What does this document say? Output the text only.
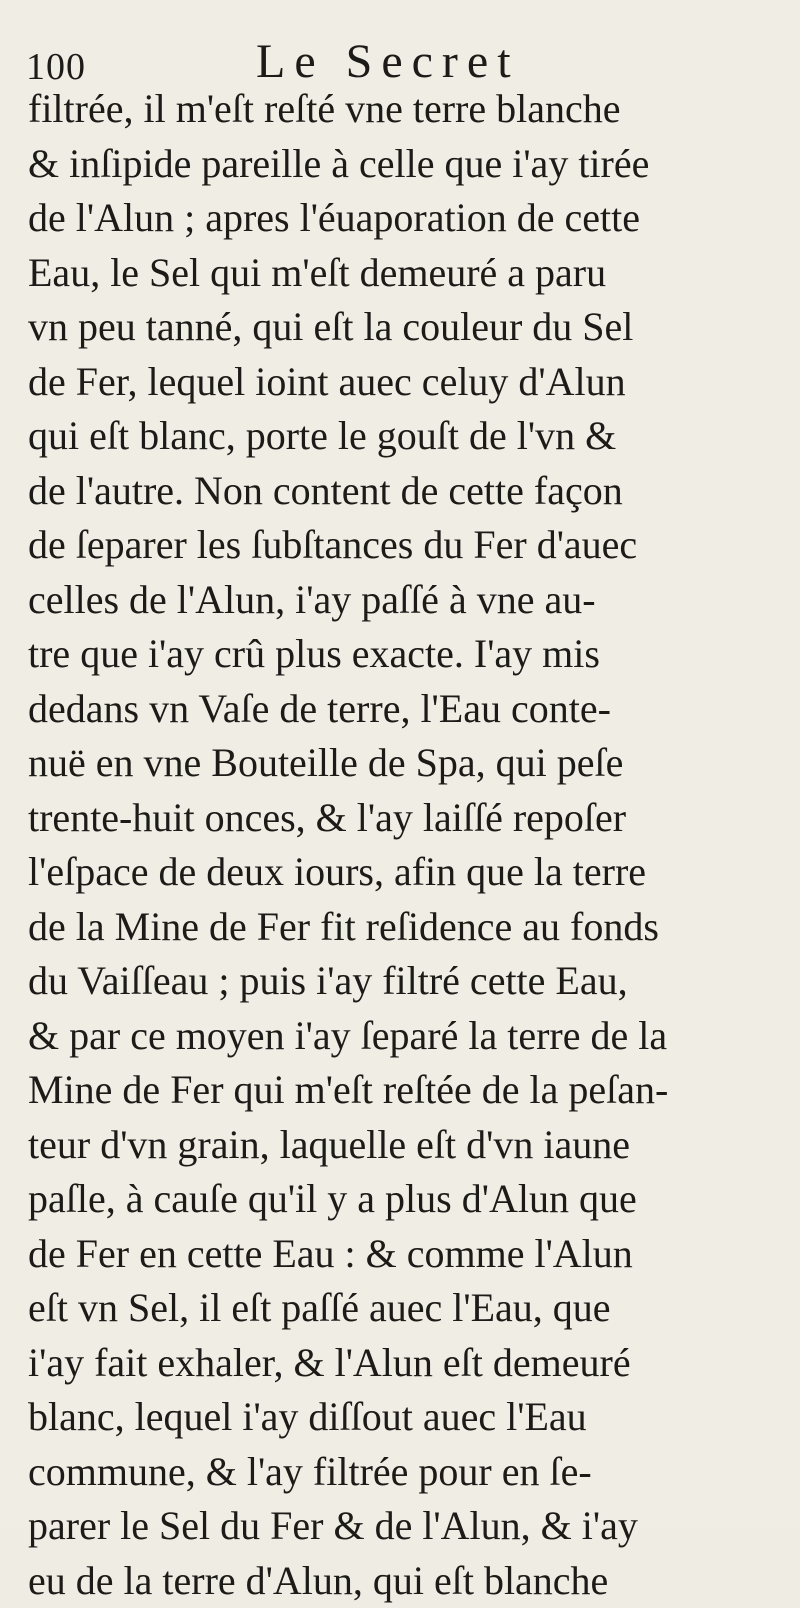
100	Le Secret
filtrée, il m'eſt reſté vne terre blanche
& inſipide pareille à celle que i'ay tirée
de l'Alun ; apres l'éuaporation de cette
Eau, le Sel qui m'eſt demeuré a paru
vn peu tanné, qui eſt la couleur du Sel
de Fer, lequel ioint auec celuy d'Alun
qui eſt blanc, porte le gouſt de l'vn &
de l'autre. Non content de cette façon
de ſeparer les ſubſtances du Fer d'auec
celles de l'Alun, i'ay paſſé à vne au-
tre que i'ay crû plus exacte. I'ay mis
dedans vn Vaſe de terre, l'Eau conte-
nuë en vne Bouteille de Spa, qui peſe
trente-huit onces, & l'ay laiſſé repoſer
l'eſpace de deux iours, afin que la terre
de la Mine de Fer fit reſidence au fonds
du Vaiſſeau ; puis i'ay filtré cette Eau,
& par ce moyen i'ay ſeparé la terre de la
Mine de Fer qui m'eſt reſtée de la peſan-
teur d'vn grain, laquelle eſt d'vn iaune
paſle, à cauſe qu'il y a plus d'Alun que
de Fer en cette Eau : & comme l'Alun
eſt vn Sel, il eſt paſſé auec l'Eau, que
i'ay fait exhaler, & l'Alun eſt demeuré
blanc, lequel i'ay diſſout auec l'Eau
commune, & l'ay filtrée pour en ſe-
parer le Sel du Fer & de l'Alun, & i'ay
eu de la terre d'Alun, qui eſt blanche
